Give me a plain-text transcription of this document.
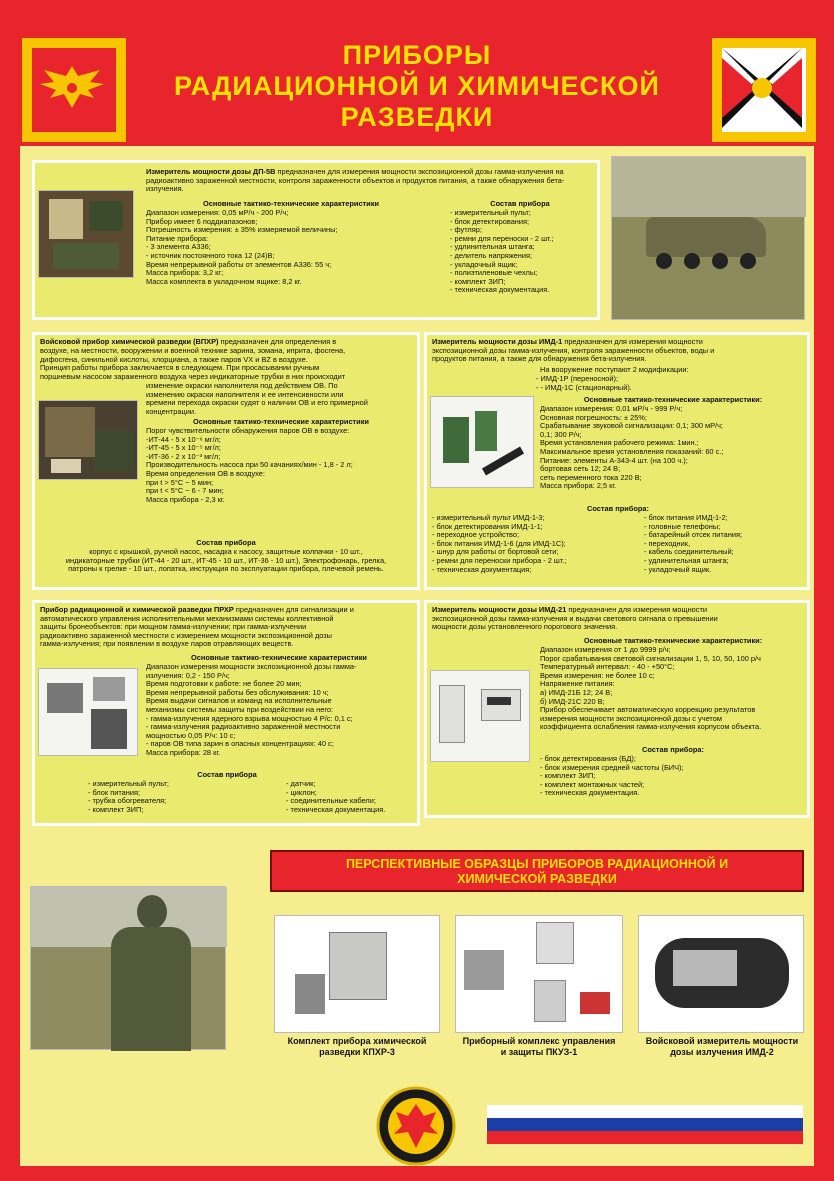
ПРИБОРЫ
РАДИАЦИОННОЙ И ХИМИЧЕСКОЙ
РАЗВЕДКИ
Измеритель мощности дозы ДП-5В предназначен для измерения мощности экспозиционной дозы гамма-излучения на радиоактивно зараженной местности, контроля зараженности объектов и продуктов питания, а также обнаружения бета-излучения.
Основные тактико-технические характеристики
Диапазон измерения: 0,05 мР/ч - 200 Р/ч;
Прибор имеет 6 поддиапазонов;
Погрешность измерения: ± 35% измеряемой величины;
Питание прибора:
- 3 элемента А336;
- источник постоянного тока 12 (24)В;
Время непрерывной работы от элементов А336: 55 ч;
Масса прибора: 3,2 кг;
Масса комплекта в укладочном ящике: 8,2 кг.
Состав прибора
- измерительный пульт;
- блок детектирования;
- футляр;
- ремни для переноски - 2 шт.;
- удлинительная штанга;
- делитель напряжения;
- укладочный ящик;
- полиэтиленовые чехлы;
- комплект ЗИП;
- техническая документация.
Войсковой прибор химической разведки (ВПХР) предназначен для определения в
воздухе, на местности, вооружении и военной технике зарина, зомана, иприта, фосгена,
дифосгена, синильной кислоты, хлорциана, а также паров VX и BZ в воздухе.
Принцип работы прибора заключается в следующем. При просасывании ручным
поршневым насосом зараженного воздуха через индикаторные трубки в них происходит
изменение окраски наполнителя под действием ОВ. По
изменению окраски наполнителя и ее интенсивности или
времени перехода окраски судят о наличии ОВ и его примерной
концентрации.
Основные тактико-технические характеристики
Порог чувствительности обнаружения паров ОВ в воздухе:
-ИТ-44 - 5 х 10⁻⁶ мг/л;
-ИТ-45 - 5 х 10⁻⁵ мг/л;
-ИТ-36 - 2 х 10⁻³ мг/л;
Производительность насоса при 50 качаниях/мин - 1,8 - 2 л;
Время определения ОВ в воздухе:
при t > 5°С ~ 5 мин;
при t < 5°С ~ 6 - 7 мин;
Масса прибора - 2,3 кг.
Состав прибора
корпус с крышкой, ручной насос, насадка к насосу, защитные колпачки - 10 шт.,
индикаторные трубки (ИТ-44 - 20 шт., ИТ-45 - 10 шт., ИТ-36 - 10 шт.), Электрофонарь, грелка,
патроны к грелке - 10 шт., лопатка, инструкция по эксплуатации прибора, плечевой ремень.
Измеритель мощности дозы ИМД-1 предназначен для измерения мощности
экспозиционной дозы гамма-излучения, контроля зараженности объектов, воды и
продуктов питания, а также для обнаружения бета-излучения.
На вооружение поступают 2 модификации:
- ИМД-1Р (переносной);
- - ИМД-1С (стационарный).
Основные тактико-технические характеристики:
Диапазон измерения: 0,01 мР/ч - 999 Р/ч;
Основная погрешность: ± 25%;
Срабатывание звуковой сигнализации: 0,1; 300 мР/ч;
0,1; 300 Р/ч;
Время установления рабочего режима: 1мин.;
Максимальное время установления показаний: 60 с.;
Питание: элементы А-343-4 шт. (на 100 ч.);
бортовая сеть 12; 24 В;
сеть переменного тока 220 В;
Масса прибора: 2,5 кг.
Состав прибора:
- измерительный пульт ИМД-1-3;
- блок детектирования ИМД-1-1;
- переходное устройство;
- блок питания ИМД-1-6 (для ИМД-1С);
- шнур для работы от бортовой сети;
- ремни для переноски прибора - 2 шт.;
- техническая документация;
- блок питания ИМД-1-2;
- головные телефоны;
- батарейный отсек питания;
- переходник,
- кабель соединительный;
- удлинительная штанга;
- укладочный ящик.
Прибор радиационной и химической разведки ПРХР предназначен для сигнализации и
автоматического управления исполнительными механизмами системы коллективной
защиты бронеобъектов: при мощном гамма-излучении; при гамма-излучении
радиоактивно зараженной местности с измерением мощности экспозиционной дозы
гамма-излучения; при появлении в воздухе паров отравляющих веществ.
Основные тактико-технические характеристики
Диапазон измерения мощности экспозиционной дозы гамма-
излучения: 0,2 - 150 Р/ч;
Время подготовки к работе: не более 20 мин;
Время непрерывной работы без обслуживания: 10 ч;
Время выдачи сигналов и команд на исполнительные
механизмы системы защиты при воздействии на него:
- гамма-излучения ядерного взрыва мощностью 4 Р/с: 0,1 с;
- гамма-излучения радиоактивно зараженной местности
мощностью 0,05 Р/ч: 10 с;
- паров ОВ типа зарин в опасных концентрациях: 40 с;
Масса прибора: 28 кг.
Состав прибора
- измерительный пульт;
- блок питания;
- трубка обогревателя;
- комплект ЗИП;
- датчик;
- циклон;
- соединительные кабели;
- техническая документация.
Измеритель мощности дозы ИМД-21 предназначен для измерения мощности
экспозиционной дозы гамма-излучения и выдачи светового сигнала о превышении
мощности дозы установленного порогового значения.
Основные тактико-технические характеристики:
Диапазон измерения от 1 до 9999 р/ч;
Порог срабатывания световой сигнализации 1, 5, 10, 50, 100 р/ч
Температурный интервал: - 40 - +50°С;
Время измерения: не более 10 с;
Напряжение питания:
а) ИМД-21Б 12; 24 В;
б) ИМД-21С 220 В;
Прибор обеспечивает автоматическую коррекцию результатов
измерения мощности экспозиционной дозы с учетом
коэффициента ослабления гамма-излучения корпусом объекта.
Состав прибора:
- блок детектирования (БД);
- блок измерения средней частоты (БИЧ);
- комплект ЗИП;
- комплект монтажных частей;
- техническая документация.
ПЕРСПЕКТИВНЫЕ ОБРАЗЦЫ ПРИБОРОВ РАДИАЦИОННОЙ И
ХИМИЧЕСКОЙ РАЗВЕДКИ
Комплект прибора химической
разведки КПХР-3
Приборный комплекс управления
и защиты ПКУЗ-1
Войсковой измеритель мощности
дозы излучения ИМД-2
